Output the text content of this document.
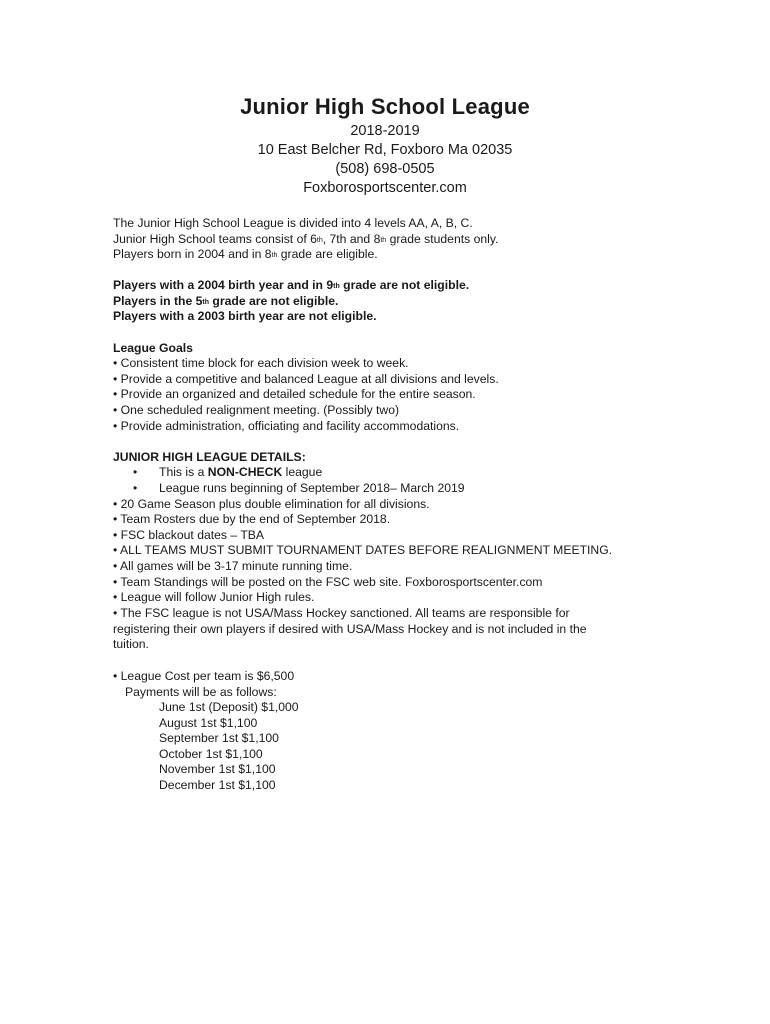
Junior High School League
2018-2019
10 East Belcher Rd, Foxboro Ma 02035
(508) 698-0505
Foxborosportscenter.com
The Junior High School League is divided into 4 levels AA, A, B, C.
Junior High School teams consist of 6th, 7th and 8th grade students only.
Players born in 2004 and in 8th grade are eligible.
Players with a 2004 birth year and in 9th grade are not eligible.
Players in the 5th grade are not eligible.
Players with a 2003 birth year are not eligible.
League Goals
• Consistent time block for each division week to week.
• Provide a competitive and balanced League at all divisions and levels.
• Provide an organized and detailed schedule for the entire season.
• One scheduled realignment meeting. (Possibly two)
• Provide administration, officiating and facility accommodations.
JUNIOR HIGH LEAGUE DETAILS:
• This is a NON-CHECK league
• League runs beginning of September 2018– March 2019
• 20 Game Season plus double elimination for all divisions.
• Team Rosters due by the end of September 2018.
• FSC blackout dates – TBA
• ALL TEAMS MUST SUBMIT TOURNAMENT DATES BEFORE REALIGNMENT MEETING.
• All games will be 3-17 minute running time.
• Team Standings will be posted on the FSC web site. Foxborosportscenter.com
• League will follow Junior High rules.
• The FSC league is not USA/Mass Hockey sanctioned. All teams are responsible for
registering their own players if desired with USA/Mass Hockey and is not included in the
tuition.
• League Cost per team is $6,500
Payments will be as follows:
June 1st (Deposit) $1,000
August 1st $1,100
September 1st $1,100
October 1st $1,100
November 1st $1,100
December 1st $1,100
